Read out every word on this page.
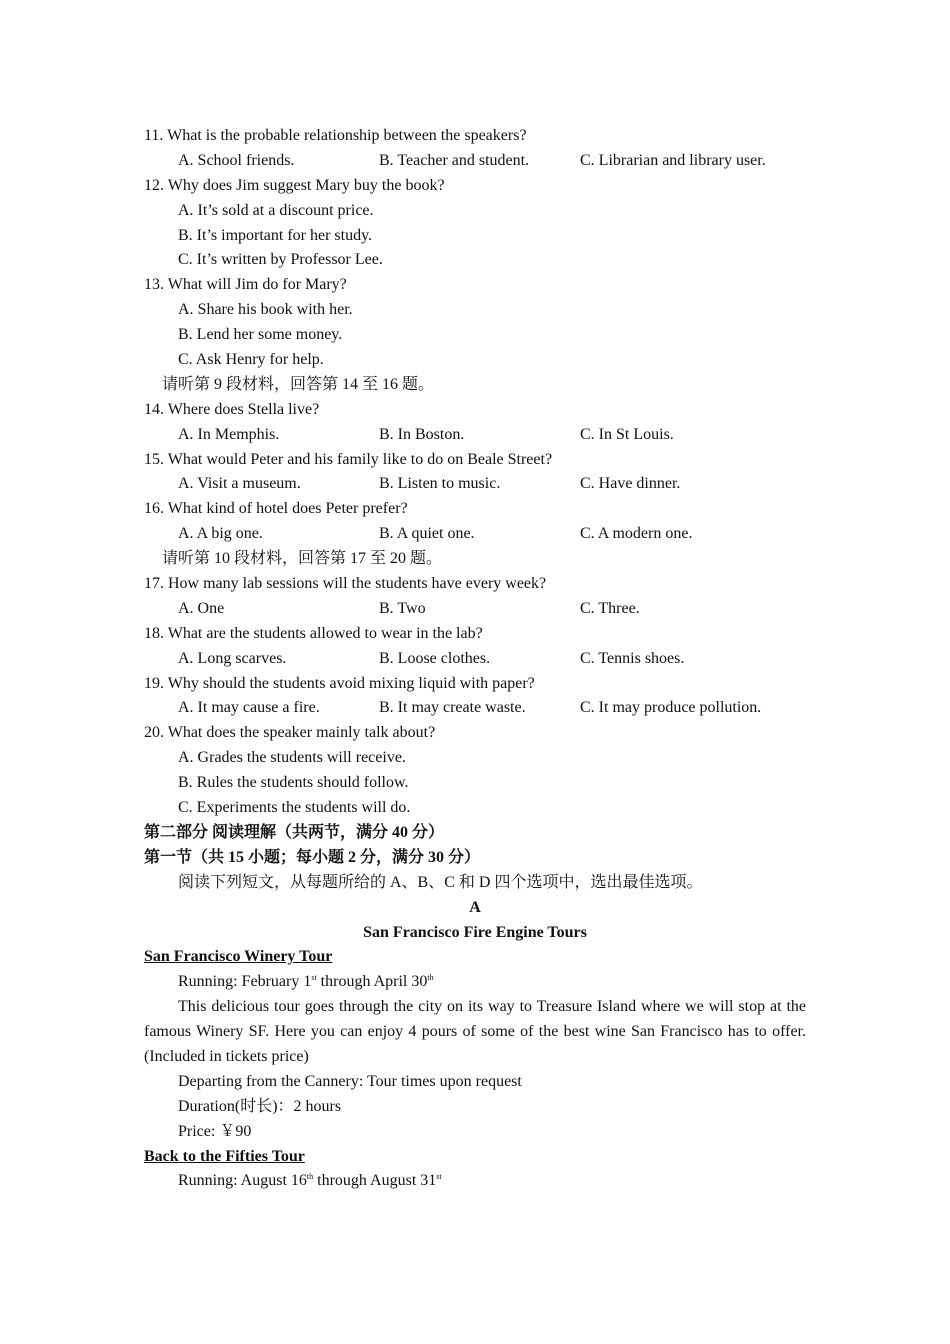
11. What is the probable relationship between the speakers?
A. School friends.	B. Teacher and student.	C. Librarian and library user.
12. Why does Jim suggest Mary buy the book?
A. It’s sold at a discount price.
B. It’s important for her study.
C. It’s written by Professor Lee.
13. What will Jim do for Mary?
A. Share his book with her.
B. Lend her some money.
C. Ask Henry for help.
请听第 9 段材料，回答第 14 至 16 题。
14. Where does Stella live?
A. In Memphis.	B. In Boston.	C. In St Louis.
15. What would Peter and his family like to do on Beale Street?
A. Visit a museum.	B. Listen to music.	C. Have dinner.
16. What kind of hotel does Peter prefer?
A. A big one.	B. A quiet one.	C. A modern one.
请听第 10 段材料，回答第 17 至 20 题。
17. How many lab sessions will the students have every week?
A. One	B. Two	C. Three.
18. What are the students allowed to wear in the lab?
A. Long scarves.	B. Loose clothes.	C. Tennis shoes.
19. Why should the students avoid mixing liquid with paper?
A. It may cause a fire.	B. It may create waste.	C. It may produce pollution.
20. What does the speaker mainly talk about?
A. Grades the students will receive.
B. Rules the students should follow.
C. Experiments the students will do.
第二部分 阅读理解（共两节，满分 40 分）
第一节（共 15 小题；每小题 2 分，满分 30 分）
阅读下列短文，从每题所给的 A、B、C 和 D 四个选项中，选出最佳选项。
A
San Francisco Fire Engine Tours
San Francisco Winery Tour
Running: February 1st through April 30th
This delicious tour goes through the city on its way to Treasure Island where we will stop at the famous Winery SF. Here you can enjoy 4 pours of some of the best wine San Francisco has to offer. (Included in tickets price)
Departing from the Cannery: Tour times upon request
Duration(时长)：2 hours
Price: ￥90
Back to the Fifties Tour
Running: August 16th through August 31st
